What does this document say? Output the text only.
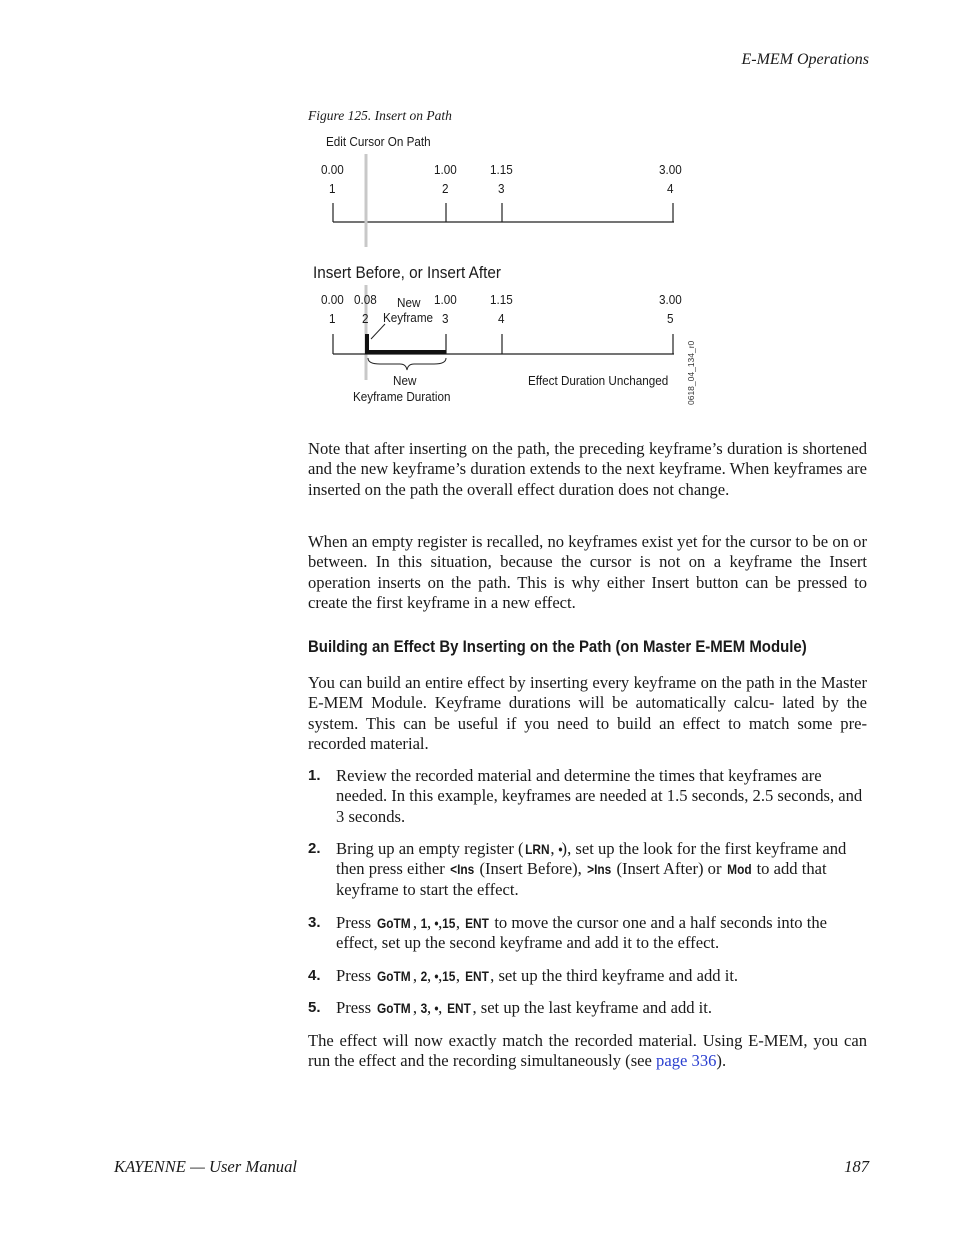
E-MEM Operations
Figure 125. Insert on Path
Edit Cursor On Path
0.00	1.00	1.15	3.00
1	2	3	4
Insert Before, or Insert After
0.00 0.08	1.00	1.15	3.00
1 2	3	4	5
New
Keyframe
New
Keyframe Duration
Effect Duration Unchanged 0618_04_134_r0

Note that after inserting on the path, the preceding keyframe’s duration is shortened and the new keyframe’s duration extends to the next keyframe. When keyframes are inserted on the path the overall effect duration does not change.

When an empty register is recalled, no keyframes exist yet for the cursor to be on or between. In this situation, because the cursor is not on a keyframe the Insert operation inserts on the path. This is why either Insert button can be pressed to create the first keyframe in a new effect.

Building an Effect By Inserting on the Path (on Master E-MEM Module)

You can build an entire effect by inserting every keyframe on the path in the Master E-MEM Module. Keyframe durations will be automatically calcu- lated by the system. This can be useful if you need to build an effect to match some pre-recorded material.

1. Review the recorded material and determine the times that keyframes are needed. In this example, keyframes are needed at 1.5 seconds, 2.5 seconds, and 3 seconds.

2. Bring up an empty register (LRN, •), set up the look for the first keyframe and then press either <Ins (Insert Before), >Ins (Insert After) or Mod to add that keyframe to start the effect.

3. Press GoTM , 1, •,15, ENT to move the cursor one and a half seconds into the effect, set up the second keyframe and add it to the effect.

4. Press GoTM , 2, •,15, ENT, set up the third keyframe and add it.

5. Press GoTM , 3, •, ENT, set up the last keyframe and add it.

The effect will now exactly match the recorded material. Using E-MEM, you can run the effect and the recording simultaneously (see page 336).

KAYENNE — User Manual	187
